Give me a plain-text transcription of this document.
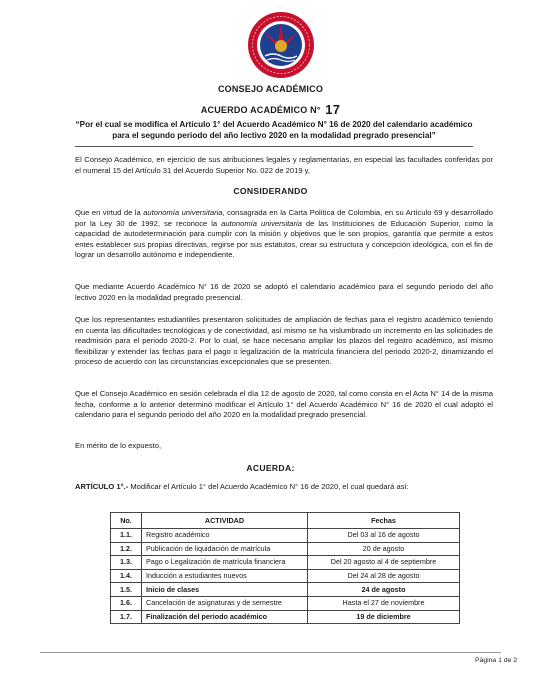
CONSEJO ACADÉMICO
ACUERDO ACADÉMICO N° 17
“Por el cual se modifica el Artículo 1° del Acuerdo Académico N° 16 de 2020 del calendario académico para el segundo periodo del año lectivo 2020 en la modalidad pregrado presencial”

El Consejo Académico, en ejercicio de sus atribuciones legales y reglamentarias, en especial las facultades conferidas por el numeral 15 del Artículo 31 del Acuerdo Superior No. 022 de 2019 y,

CONSIDERANDO

Que en virtud de la autonomía universitaria, consagrada en la Carta Política de Colombia, en su Artículo 69 y desarrollado por la Ley 30 de 1992, se reconoce la autonomía universitaria de las Instituciones de Educación Superior, como la capacidad de autodeterminación para cumplir con la misión y objetivos que le son propios, garantía que permite a estos entes establecer sus propias directivas, regirse por sus estatutos, crear su estructura y concepción ideológica, con el fin de lograr un desarrollo autónomo e independiente.

Que mediante Acuerdo Académico N° 16 de 2020 se adoptó el calendario académico para el segundo periodo del año lectivo 2020 en la modalidad pregrado presencial.

Que los representantes estudiantiles presentaron solicitudes de ampliación de fechas para el registro académico teniendo en cuenta las dificultades tecnológicas y de conectividad, así mismo se ha vislumbrado un incremento en las solicitudes de readmisión para el periodo 2020-2. Por lo cual, se hace necesario ampliar los plazos del registro académico, así mismo flexibilizar y extender las fechas para el pago o legalización de la matrícula financiera del periodo 2020-2, dinamizando el proceso de acuerdo con las circunstancias excepcionales que se presenten.

Que el Consejo Académico en sesión celebrada el día 12 de agosto de 2020, tal como consta en el Acta N° 14 de la misma fecha, conforme a lo anterior determinó modificar el Artículo 1° del Acuerdo Académico N° 16 de 2020 el cual adoptó el calendario para el segundo periodo del año 2020 en la modalidad pregrado presencial.

En mérito de lo expuesto,

ACUERDA:
ARTÍCULO 1°.- Modificar el Artículo 1° del Acuerdo Académico N° 16 de 2020, el cual quedará así:
No.	ACTIVIDAD	Fechas
1.1.	Registro académico	Del 03 al 16 de agosto
1.2.	Publicación de liquidación de matrícula	20 de agosto
1.3.	Pago o Legalización de matrícula financiera	Del 20 agosto al 4 de septiembre
1.4.	Inducción a estudiantes nuevos	Del 24 al 28 de agosto
1.5.	Inicio de clases	24 de agosto
1.6.	Cancelación de asignaturas y de semestre	Hasta el 27 de noviembre
1.7.	Finalización del periodo académico	19 de diciembre
Página 1 de 2
